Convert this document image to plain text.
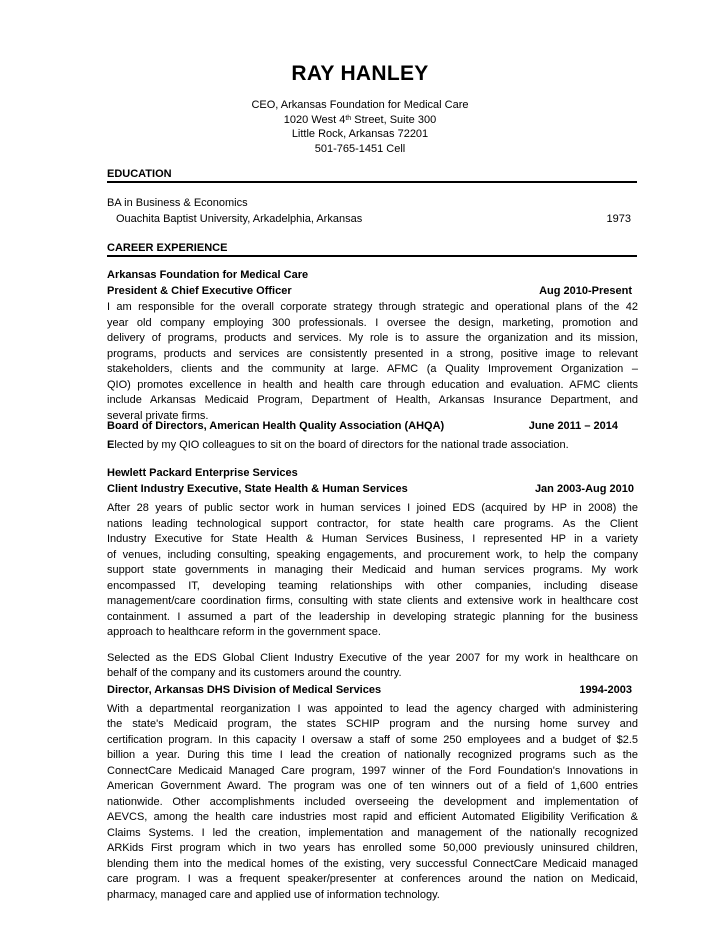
RAY HANLEY
CEO, Arkansas Foundation for Medical Care
1020 West 4th Street, Suite 300
Little Rock, Arkansas 72201
501-765-1451 Cell
EDUCATION
BA in Business & Economics
Ouachita Baptist University, Arkadelphia, Arkansas	1973
CAREER EXPERIENCE
Arkansas Foundation for Medical Care
President & Chief Executive Officer	Aug 2010-Present
I am responsible for the overall corporate strategy through strategic and operational plans of the 42
year old company employing 300 professionals. I oversee the design, marketing, promotion and
delivery of programs, products and services. My role is to assure the organization and its mission,
programs, products and services are consistently presented in a strong, positive image to relevant
stakeholders, clients and the community at large. AFMC (a Quality Improvement Organization –
QIO) promotes excellence in health and health care through education and evaluation. AFMC clients
include Arkansas Medicaid Program, Department of Health, Arkansas Insurance Department, and
several private firms.
Board of Directors, American Health Quality Association (AHQA)	June 2011 – 2014
Elected by my QIO colleagues to sit on the board of directors for the national trade association.
Hewlett Packard Enterprise Services
Client Industry Executive, State Health & Human Services	Jan 2003-Aug 2010
After 28 years of public sector work in human services I joined EDS (acquired by HP in 2008) the
nations leading technological support contractor, for state health care programs. As the Client
Industry Executive for State Health & Human Services Business, I represented HP in a variety
of venues, including consulting, speaking engagements, and procurement work, to help the company
support state governments in managing their Medicaid and human services programs. My work
encompassed IT, developing teaming relationships with other companies, including disease
management/care coordination firms, consulting with state clients and extensive work in healthcare cost
containment. I assumed a part of the leadership in developing strategic planning for the business
approach to healthcare reform in the government space.
Selected as the EDS Global Client Industry Executive of the year 2007 for my work in healthcare on
behalf of the company and its customers around the country.
Director, Arkansas DHS Division of Medical Services	1994-2003
With a departmental reorganization I was appointed to lead the agency charged with administering
the state's Medicaid program, the states SCHIP program and the nursing home survey and
certification program. In this capacity I oversaw a staff of some 250 employees and a budget of $2.5
billion a year. During this time I lead the creation of nationally recognized programs such as the
ConnectCare Medicaid Managed Care program, 1997 winner of the Ford Foundation's Innovations in
American Government Award. The program was one of ten winners out of a field of 1,600 entries
nationwide. Other accomplishments included overseeing the development and implementation of
AEVCS, among the health care industries most rapid and efficient Automated Eligibility Verification &
Claims Systems. I led the creation, implementation and management of the nationally recognized
ARKids First program which in two years has enrolled some 50,000 previously uninsured children,
blending them into the medical homes of the existing, very successful ConnectCare Medicaid managed
care program. I was a frequent speaker/presenter at conferences around the nation on Medicaid,
pharmacy, managed care and applied use of information technology.
